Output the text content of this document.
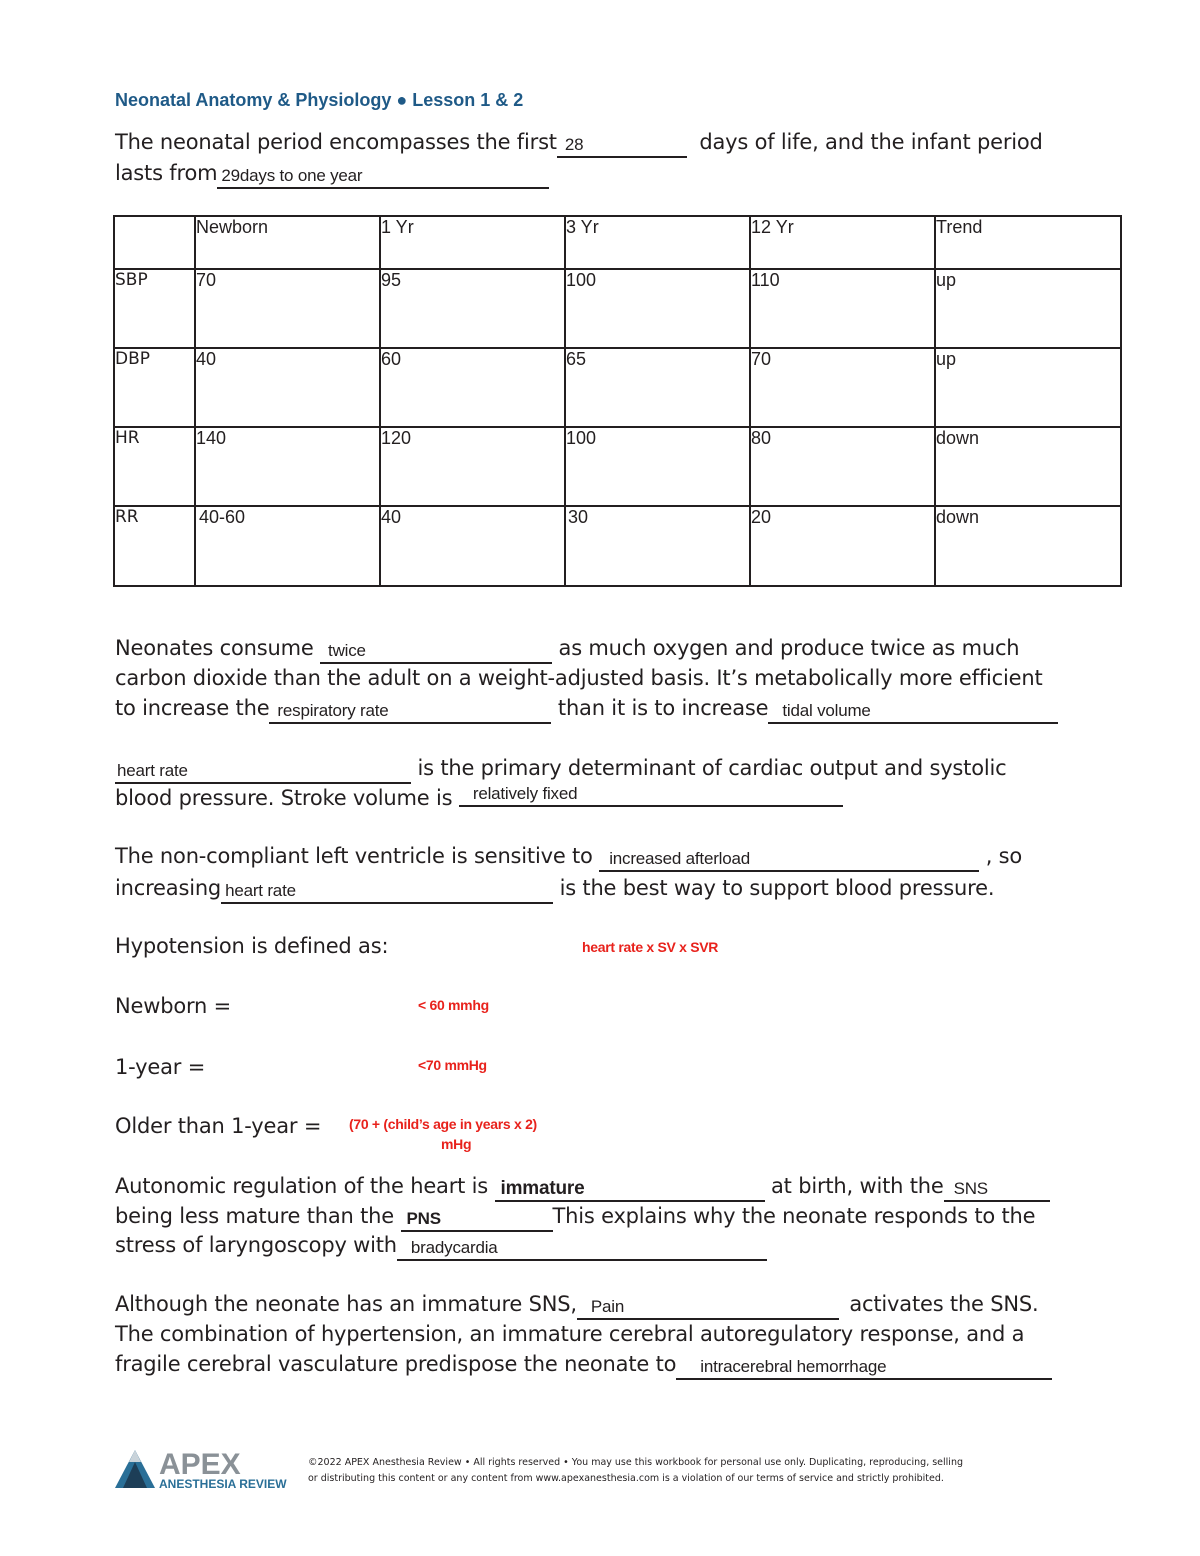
Neonatal Anatomy & Physiology ● Lesson 1 & 2
The neonatal period encompasses the first 28	days of life, and the infant period
lasts from 29days to one year
	Newborn	1 Yr	3 Yr	12 Yr	Trend
SBP	70	95	100	110	up
DBP	40	60	65	70	up
HR	140	120	100	80	down
RR	40-60	40	30	20	down
Neonates consume twice	as much oxygen and produce twice as much
carbon dioxide than the adult on a weight-adjusted basis. It’s metabolically more efficient
to increase the respiratory rate	than it is to increase tidal volume
heart rate	is the primary determinant of cardiac output and systolic
blood pressure. Stroke volume is relatively fixed
The non-compliant left ventricle is sensitive to increased afterload	, so
increasing heart rate	is the best way to support blood pressure.
Hypotension is defined as:	heart rate x SV x SVR
Newborn =	< 60 mmhg
1-year =	<70 mmHg
Older than 1-year = (70 + (child’s age in years x 2)
mHg
Autonomic regulation of the heart is immature	at birth, with the SNS
being less mature than the PNS	This explains why the neonate responds to the
stress of laryngoscopy with bradycardia
Although the neonate has an immature SNS, Pain	activates the SNS.
The combination of hypertension, an immature cerebral autoregulatory response, and a
fragile cerebral vasculature predispose the neonate to intracerebral hemorrhage
APEX
ANESTHESIA REVIEW
©2022 APEX Anesthesia Review • All rights reserved • You may use this workbook for personal use only. Duplicating, reproducing, selling
or distributing this content or any content from www.apexanesthesia.com is a violation of our terms of service and strictly prohibited.
